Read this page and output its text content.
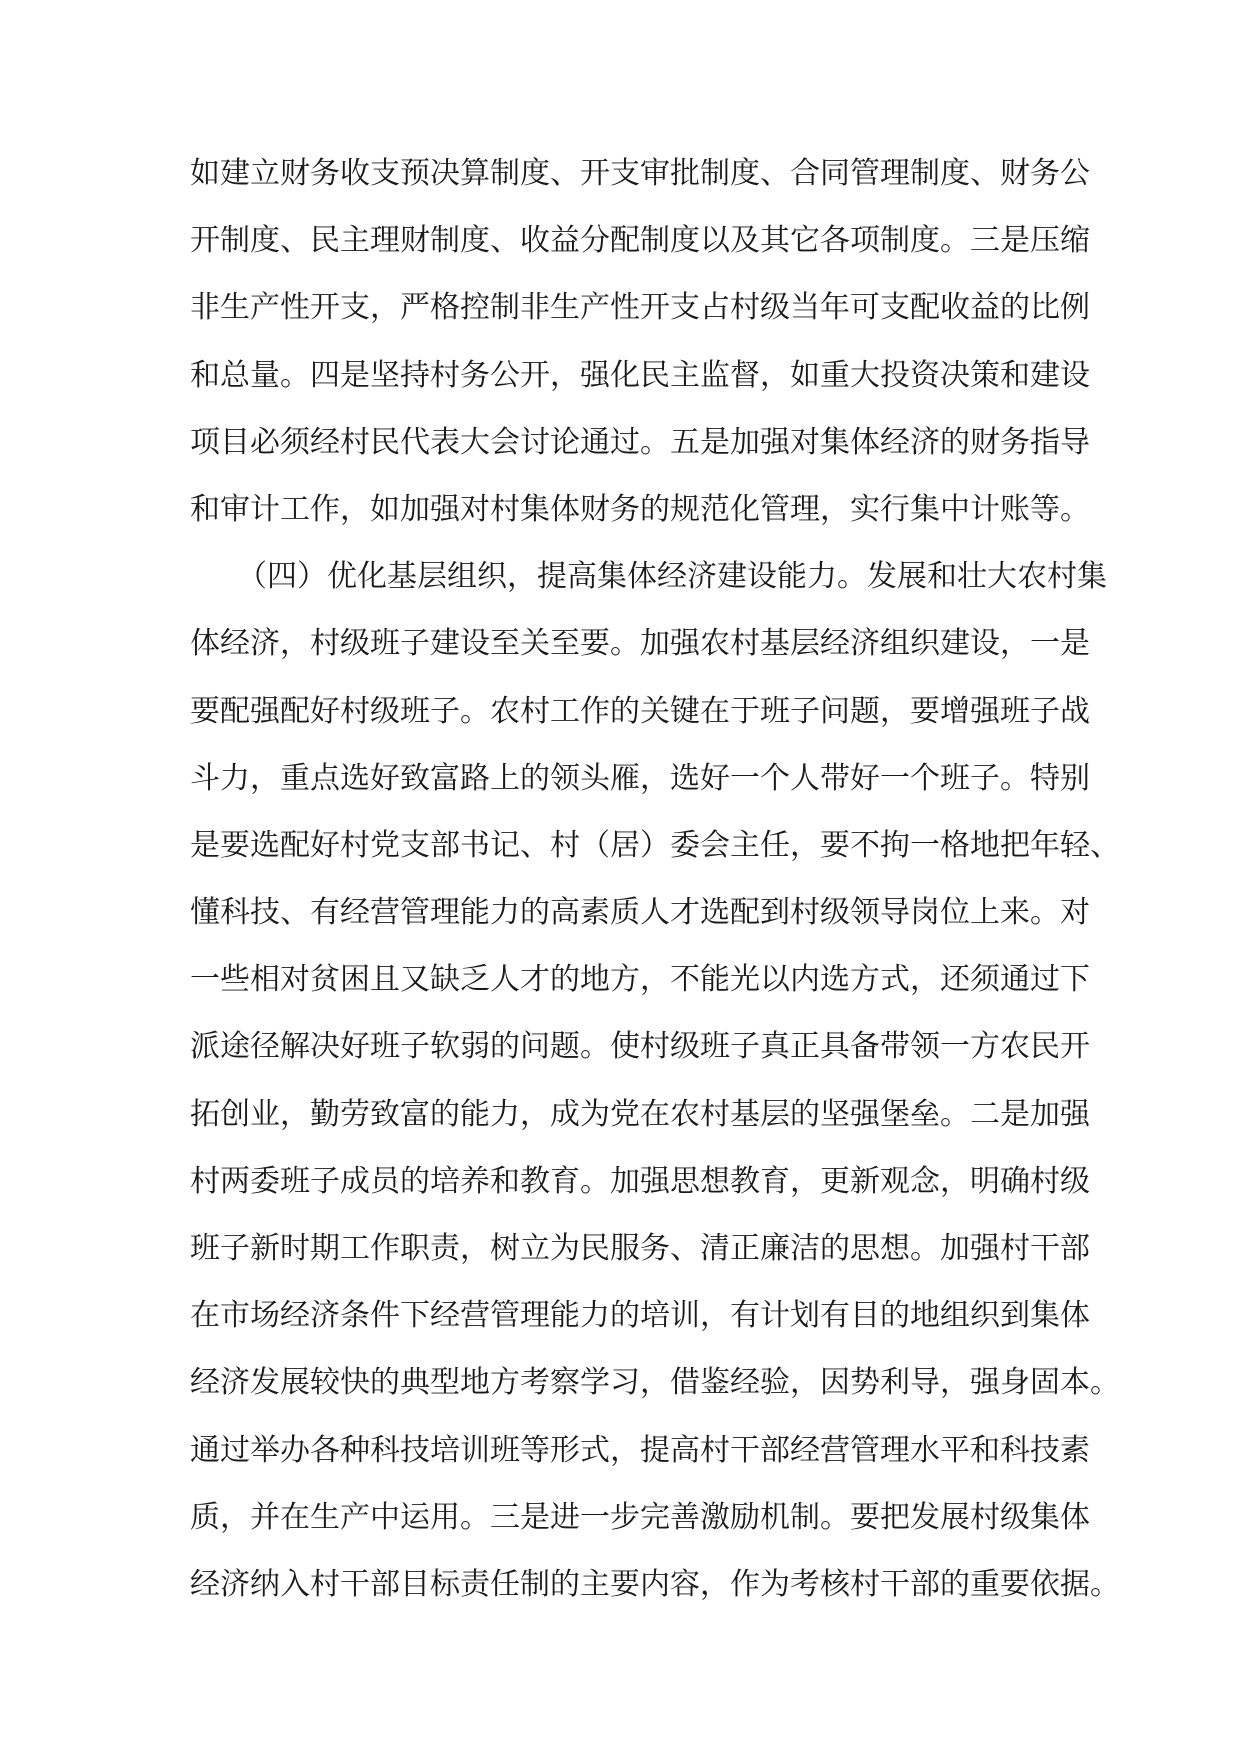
如建立财务收支预决算制度、开支审批制度、合同管理制度、财务公
开制度、民主理财制度、收益分配制度以及其它各项制度。三是压缩
非生产性开支，严格控制非生产性开支占村级当年可支配收益的比例
和总量。四是坚持村务公开，强化民主监督，如重大投资决策和建设
项目必须经村民代表大会讨论通过。五是加强对集体经济的财务指导
和审计工作，如加强对村集体财务的规范化管理，实行集中计账等。
（四）优化基层组织，提高集体经济建设能力。发展和壮大农村集
体经济，村级班子建设至关至要。加强农村基层经济组织建设，一是
要配强配好村级班子。农村工作的关键在于班子问题，要增强班子战
斗力，重点选好致富路上的领头雁，选好一个人带好一个班子。特别
是要选配好村党支部书记、村（居）委会主任，要不拘一格地把年轻、
懂科技、有经营管理能力的高素质人才选配到村级领导岗位上来。对
一些相对贫困且又缺乏人才的地方，不能光以内选方式，还须通过下
派途径解决好班子软弱的问题。使村级班子真正具备带领一方农民开
拓创业，勤劳致富的能力，成为党在农村基层的坚强堡垒。二是加强
村两委班子成员的培养和教育。加强思想教育，更新观念，明确村级
班子新时期工作职责，树立为民服务、清正廉洁的思想。加强村干部
在市场经济条件下经营管理能力的培训，有计划有目的地组织到集体
经济发展较快的典型地方考察学习，借鉴经验，因势利导，强身固本。
通过举办各种科技培训班等形式，提高村干部经营管理水平和科技素
质，并在生产中运用。三是进一步完善激励机制。要把发展村级集体
经济纳入村干部目标责任制的主要内容，作为考核村干部的重要依据。
